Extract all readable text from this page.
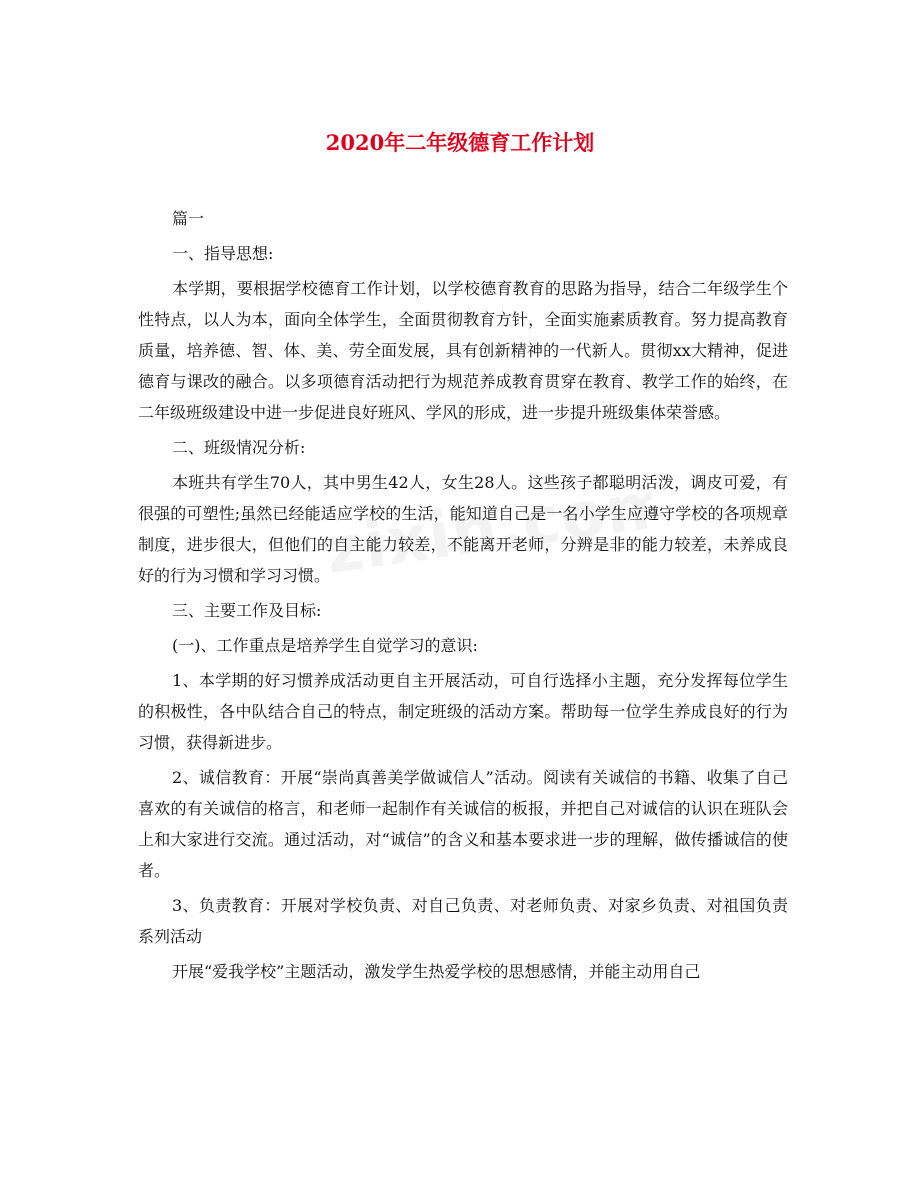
2020年二年级德育工作计划

篇一

一、指导思想:

本学期，要根据学校德育工作计划，以学校德育教育的思路为指导，结合二年级学生个性特点，以人为本，面向全体学生，全面贯彻教育方针，全面实施素质教育。努力提高教育质量，培养德、智、体、美、劳全面发展，具有创新精神的一代新人。贯彻xx大精神，促进德育与课改的融合。以多项德育活动把行为规范养成教育贯穿在教育、教学工作的始终，在二年级班级建设中进一步促进良好班风、学风的形成，进一步提升班级集体荣誉感。

二、班级情况分析:

本班共有学生70人，其中男生42人，女生28人。这些孩子都聪明活泼，调皮可爱，有很强的可塑性;虽然已经能适应学校的生活，能知道自己是一名小学生应遵守学校的各项规章制度，进步很大，但他们的自主能力较差，不能离开老师，分辨是非的能力较差，未养成良好的行为习惯和学习习惯。

三、主要工作及目标:

(一)、工作重点是培养学生自觉学习的意识:

1、本学期的好习惯养成活动更自主开展活动，可自行选择小主题，充分发挥每位学生的积极性，各中队结合自己的特点，制定班级的活动方案。帮助每一位学生养成良好的行为习惯，获得新进步。

2、诚信教育：开展“崇尚真善美学做诚信人”活动。阅读有关诚信的书籍、收集了自己喜欢的有关诚信的格言，和老师一起制作有关诚信的板报，并把自己对诚信的认识在班队会上和大家进行交流。通过活动，对“诚信”的含义和基本要求进一步的理解，做传播诚信的使者。

3、负责教育：开展对学校负责、对自己负责、对老师负责、对家乡负责、对祖国负责系列活动

开展“爱我学校”主题活动，激发学生热爱学校的思想感情，并能主动用自己
